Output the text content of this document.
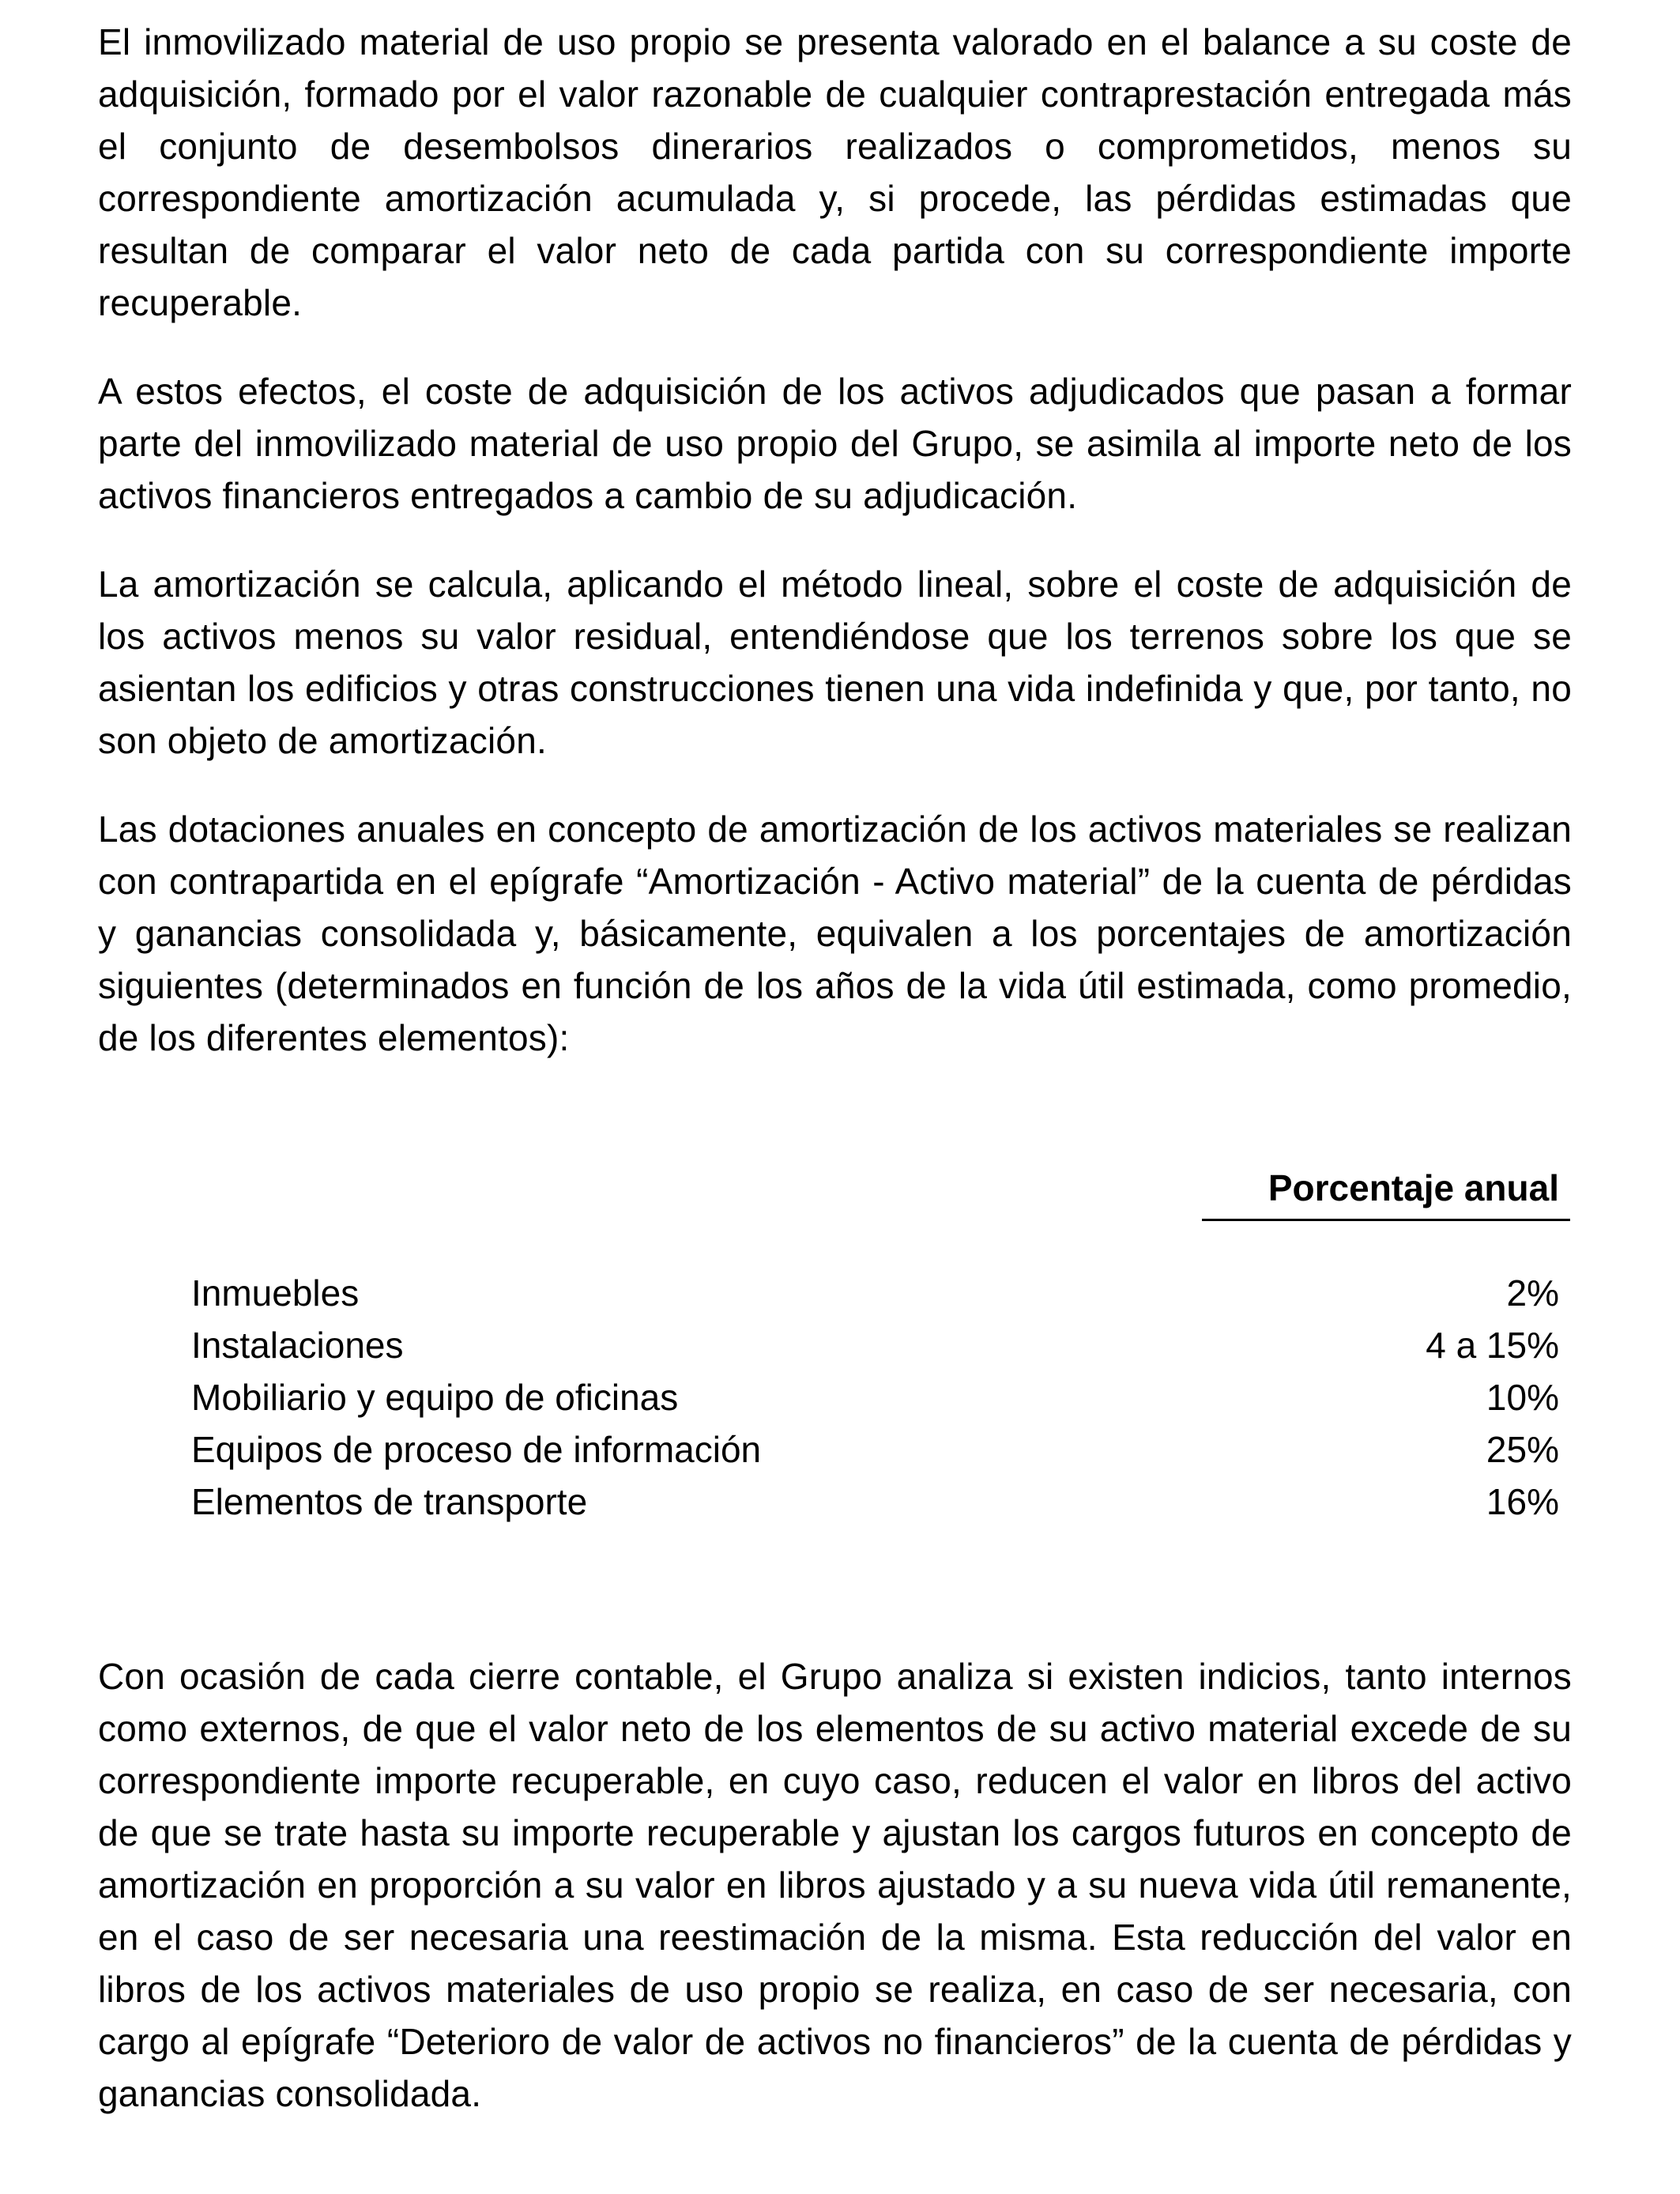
El inmovilizado material de uso propio se presenta valorado en el balance a su coste de adquisición, formado por el valor razonable de cualquier contraprestación entregada más el conjunto de desembolsos dinerarios realizados o comprometidos, menos su correspondiente amortización acumulada y, si procede, las pérdidas estimadas que resultan de comparar el valor neto de cada partida con su correspondiente importe recuperable.

A estos efectos, el coste de adquisición de los activos adjudicados que pasan a formar parte del inmovilizado material de uso propio del Grupo, se asimila al importe neto de los activos financieros entregados a cambio de su adjudicación.

La amortización se calcula, aplicando el método lineal, sobre el coste de adquisición de los activos menos su valor residual, entendiéndose que los terrenos sobre los que se asientan los edificios y otras construcciones tienen una vida indefinida y que, por tanto, no son objeto de amortización.

Las dotaciones anuales en concepto de amortización de los activos materiales se realizan con contrapartida en el epígrafe “Amortización - Activo material” de la cuenta de pérdidas y ganancias consolidada y, básicamente, equivalen a los porcentajes de amortización siguientes (determinados en función de los años de la vida útil estimada, como promedio, de los diferentes elementos):

Porcentaje anual
Inmuebles	2%
Instalaciones	4 a 15%
Mobiliario y equipo de oficinas	10%
Equipos de proceso de información	25%
Elementos de transporte	16%

Con ocasión de cada cierre contable, el Grupo analiza si existen indicios, tanto internos como externos, de que el valor neto de los elementos de su activo material excede de su correspondiente importe recuperable, en cuyo caso, reducen el valor en libros del activo de que se trate hasta su importe recuperable y ajustan los cargos futuros en concepto de amortización en proporción a su valor en libros ajustado y a su nueva vida útil remanente, en el caso de ser necesaria una reestimación de la misma. Esta reducción del valor en libros de los activos materiales de uso propio se realiza, en caso de ser necesaria, con cargo al epígrafe “Deterioro de valor de activos no financieros” de la cuenta de pérdidas y ganancias consolidada.
